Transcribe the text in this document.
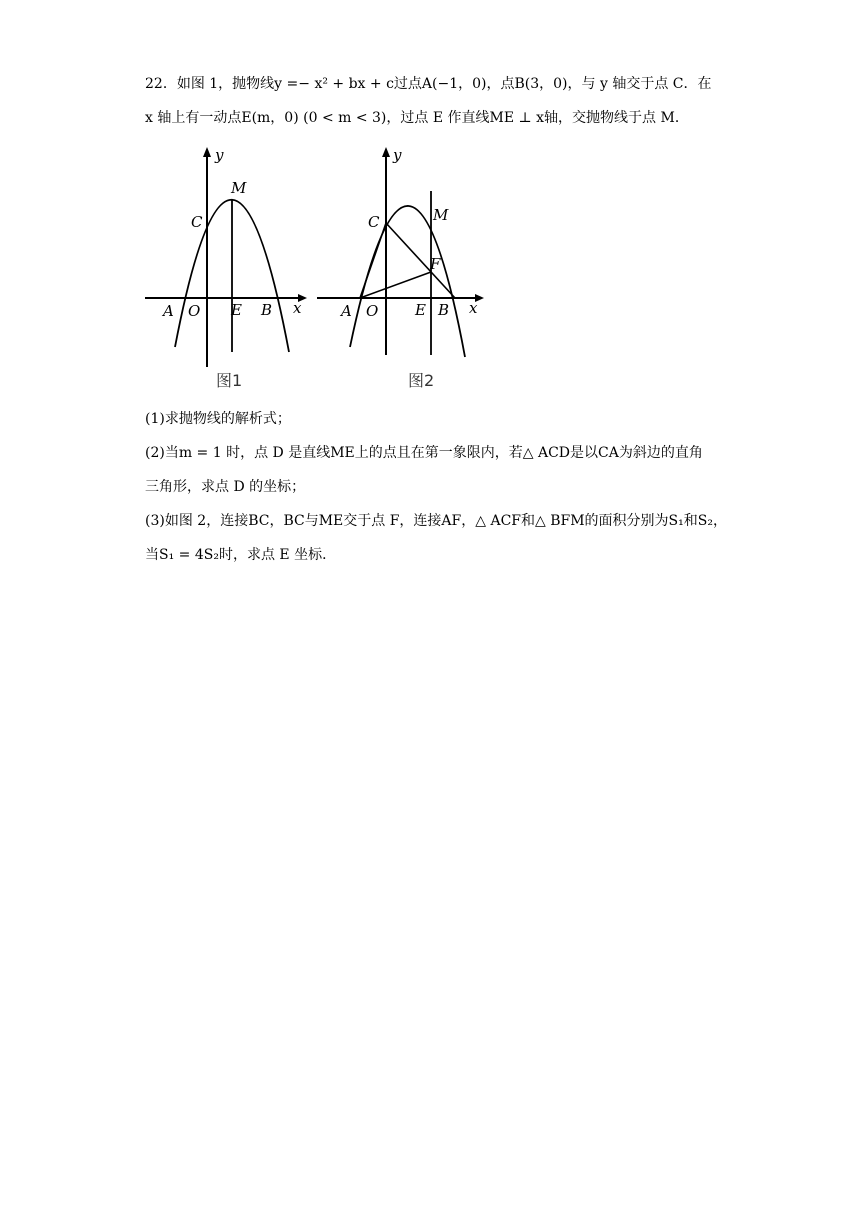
22．如图 1，抛物线y =− x² + bx + c过点A(−1，0)，点B(3，0)，与 y 轴交于点 C．在
x 轴上有一动点E(m，0) (0 < m < 3)，过点 E 作直线ME ⊥ x轴，交抛物线于点 M．
y
M
C
A O E B x
图1
y
M
C
F
A O E B x
图2
(1)求抛物线的解析式；
(2)当m = 1 时，点 D 是直线ME上的点且在第一象限内，若△ ACD是以CA为斜边的直角
三角形，求点 D 的坐标；
(3)如图 2，连接BC，BC与ME交于点 F，连接AF，△ ACF和△ BFM的面积分别为S₁和S₂，
当S₁ = 4S₂时，求点 E 坐标．
